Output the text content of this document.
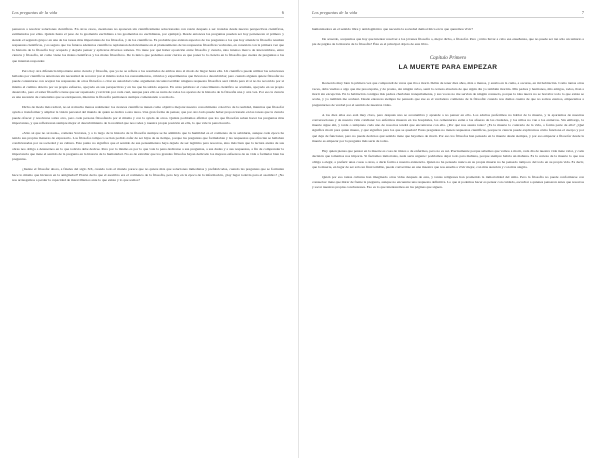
Los preguntas de la vida	6

pensaron a resolver soluciones científicas. En otros casos, cuestiones no aparecen sin científicamente solucionadas con razón después a ser tratadas desde nuevas perspectivas científicas, estimulados por ellas. Quizás hasta el paso de la geometría euclidiana a las geometrías no euclidianas, por ejemplo). Desde entonces las preguntas pueden ser hoy pertenecen al primero y siendo el segundo grupo: en una de las tareas más importantes de los filósofos, y de los científicos. Es probable que existan aspectos de los preguntas a los que hoy atiende la filosofía resultan respuestas científicas, y es seguro que los futuros adelantos científicos replantean decisivamente en el planteamiento de las respuestas filosóficas vecinales, en conexión con la primera vez que la historia de la filosofía hoy ocupada y alejada pensar y aplicarse diversos saberes. No tiene por qué haber oposición entre filosofía y ciencia, sino intenso marco de intercambios, entre ciencia y filosofía, tal como viene los males científicos y los males filosóficos. De lo único que podemos estar ciertos es que poner lo la ciencia en la filosofía que cuenta de preguntas a las que intentan responder.

Pero hoy otra diferencia importante entre ciencia y filosofía, que ya no se refiere a los resultados de ambos sino al modo de llegar hasta ella. Un científico puede utilizar las soluciones halladas por científicos anteriores sin necesidad de recorrer por sí mismo todos los razonamientos, cálculos y experimentos que llevaron a descubrirlas; pero cuando alguien quiere filosofar no puede contentarse con aceptar las respuestas de otros filósofos o citar su autoridad como argumento incontrovertible: ninguna respuesta filosófica será válida para él si no ha recorrido por sí mismo el camino abierto por su propio esfuerzo, apoyado en sus perspectivas y en las que ha sabido esperar. En otras palabras: el conocimiento científico se acumula, apoyado en su propio desarrollo, pero el saber filosófico tiene que ser repensado y revivido por cada cual, aunque para ello se nutra de todos los aportes de la historia de la filosofía una y otra vez. Por eso la ciencia es una sucesión de contenidos que se enriquecen, mientras la filosofía permanece siempre comenzando a su modo.

Dicho de modo más radical, no sé si mucho menos realmente: los avances científicos tienen como objetivo mejorar nuestro conocimiento colectivo de la realidad, mientras que filosofar ayuda a transformar y ampliar la visión personal del mundo de quien se dedica a esta tarea. Una gran forma de pensar, que por otro lado puede haber proporcionado en las tareas que la ciencia puede ofrecer y resolverse sobre otro, pero cada persona filosofando por sí misma y con la ayuda de otros. Quizás podríamos afirmar que los que filosofan saben hacer las preguntas más importantes, y que reflexionan siempre mejor al descubrimiento de la realidad que nos rodea y nuestra propia posición en ella, lo que vale la pena hacerlo.

«Sólo sé que no sé nada», comenta Sócrates, y a lo largo de la historia de la filosofía siempre se ha admitido que la humildad es el comienzo de la sabiduría, aunque cada época ha tenido sus propias maneras de expresarlo. Los filósofos tampoco se han podido zafar de ser hijos de su tiempo, porque las preguntas que formulaban y las respuestas que ofrecían se hallaban condicionadas por su sociedad y su cultura. Este punto no significa que el sentido de sus pensamientos haya dejado de ser legítimo para nosotros, sino más bien que la lectura atenta de sus obras nos obliga a detenernos en lo que todavía debe decirse. Pero por lo mismo es por lo que vale la pena dedicarse a sus preguntas, a sus dudas y a sus respuestas, a fin de comprender la importancia que tiene el sentido de la pregunta en la historia de la humanidad. No es de extrañar que los grandes filósofos hayan dedicado los mejores esfuerzos de su vida a formular bien las preguntas.

¿Insiste el filosofar ahora, a finales del siglo XX, cuando todo el mundo parece que no quiere más que soluciones inmediatas y prefabricadas, cuando las preguntas que se formulan hace lo mismo que hicieron en la antigüedad? Platón decía que el asombro era el comienzo de la filosofía, pero hoy en la época de la información, ¿hay lugar todavía para el asombro? ¿No nos arriesgamos a perder la capacidad de maravillarnos ante lo que existe y lo que somos?

Los preguntas de la vida	7

humanizadora en el sentido libre y antidogmático que necesita la sociedad democrática en la que queremos vivir?

De acuerdo, aceptemos que hay que intentar resolver a los jóvenes filosofía o, mejor dicho, a filosofar. Pero ¿cómo llevar a cabo esa enseñanza, que no puede ser tan sólo un temario a pie de página de la historia de la filosofía? Éste es el principal objeto de este libro.

Capítulo Primero
LA MUERTE PARA EMPEZAR

Recuerdo muy bien la primera vez que comprendí de veras que iba a morir. Debía de tener diez años, más o menos, y estaba en la cama, a oscuras, en mi habitación. Como tantas otras veces, daba vueltas a algo que me preocupaba, y de pronto, sin ningún aviso, sentí la certeza absoluta de que algún día yo también moriría. Mis padres y hermanos, mis amigos, todos, iban a morir sin excepción. En la habitación contigua mis padres charlaban tranquilamente, y sus voces no me servían de ningún consuelo, porque la idea nueva no se borraba: todo lo que existe se acaba, y yo también me acabaré. Desde entonces siempre he pensado que ése es el verdadero comienzo de la filosofía: cuando nos damos cuenta de que no somos eternos, empezamos a preguntarnos de verdad por el sentido de nuestras vidas.

A los diez años eso está muy claro, pero después uno se acostumbra y aprende a no pensar en ello. Los adultos preferimos no hablar de la muerte, y la apartamos de nuestras conversaciones y de nuestra vida cotidiana: los enfermos mueren en los hospitales, los cementerios están a las afueras de las ciudades, y los niños no van a los entierros. Sin embargo, la muerte sigue ahí, y tarde o temprano cada uno de nosotros tendrá que encontrarse con ella. ¿Por qué nos asusta tanto? ¿Es la muerte lo contrario de la vida, o forma parte de ella? ¿Qué significa morir para quien muere, y qué significa para los que se quedan? Estas preguntas no tienen respuestas científicas, porque la ciencia puede explicarnos cómo funciona el cuerpo y por qué deja de funcionar, pero no puede decirnos qué sentido tiene que hayamos de morir. Por eso los filósofos han pensado en la muerte desde siempre, y por eso empezar a filosofar desde la muerte es empezar por la pregunta más seria de todas.

Hay quien piensa que pensar en la muerte es cosa de tristes o de enfermos, pero no es así. Precisamente porque sabemos que vamos a morir, cada día de nuestra vida tiene valor, y cada decisión que tomamos nos importa. Si fuéramos inmortales, nada sería urgente: podríamos dejar todo para mañana, porque siempre habría un mañana. Es la certeza de la muerte lo que nos obliga a elegir, a preferir unas cosas a otras, a darle forma a nuestra existencia. Quien no ha pensado nunca en su propia muerte no ha pensado tampoco del todo en su propia vida. Es decir, que la muerte, en lugar de ser sólo un final temible, puede convertirse en una maestra que nos enseña a vivir mejor, con más atención y con más alegría.

Quizá por eso tantas culturas han imaginado otras vidas después de esta, y tantas religiones han prometido la inmortalidad del alma. Pero la filosofía no puede conformarse con consuelos: tiene que mirar de frente la pregunta, aunque no encuentre una respuesta definitiva. Lo que sí podemos hacer es pensar con cuidado, escuchar a quienes pensaron antes que nosotros y sacar nuestras propias conclusiones. Eso es lo que intentaremos en las páginas que siguen.
